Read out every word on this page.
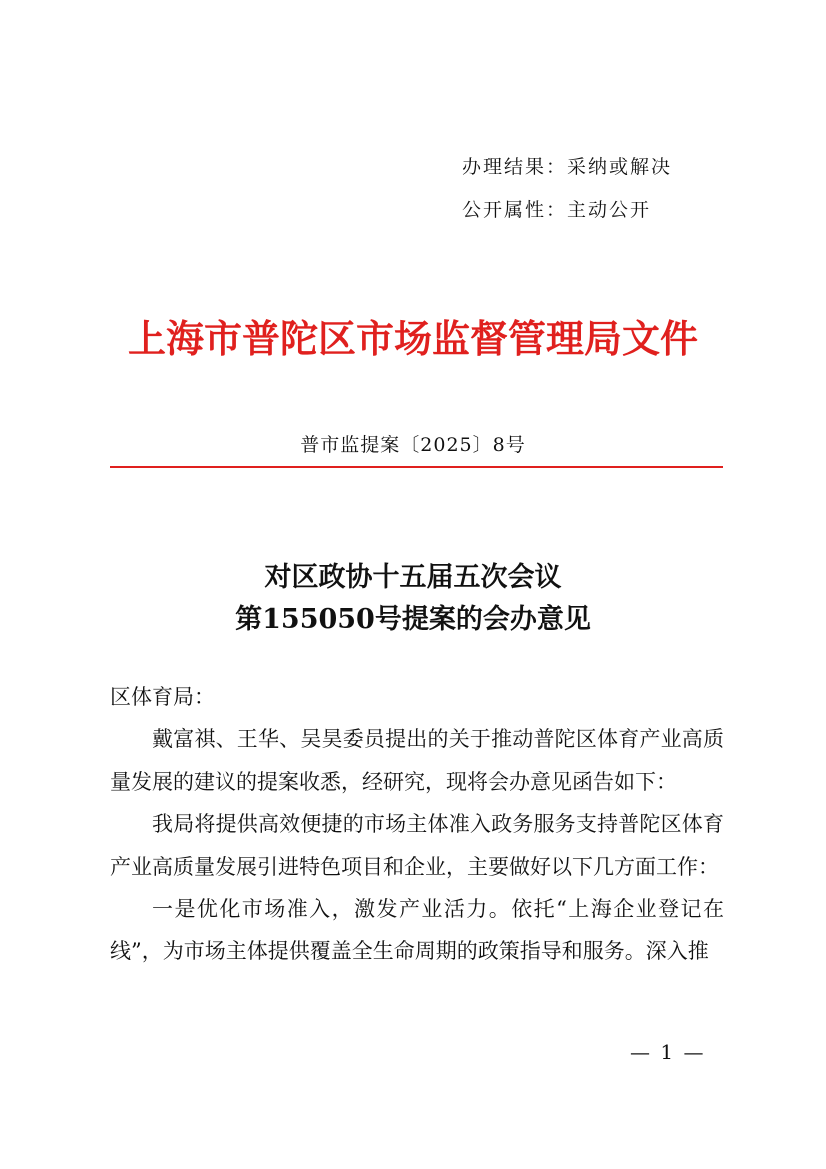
办理结果：采纳或解决
公开属性：主动公开
上海市普陀区市场监督管理局文件
普市监提案〔2025〕8号
对区政协十五届五次会议
第155050号提案的会办意见

区体育局：

戴富祺、王华、吴昊委员提出的关于推动普陀区体育产业高质量发展的建议的提案收悉，经研究，现将会办意见函告如下：

我局将提供高效便捷的市场主体准入政务服务支持普陀区体育产业高质量发展引进特色项目和企业，主要做好以下几方面工作：

一是优化市场准入，激发产业活力。依托“上海企业登记在线”，为市场主体提供覆盖全生命周期的政策指导和服务。深入推

— 1 —
